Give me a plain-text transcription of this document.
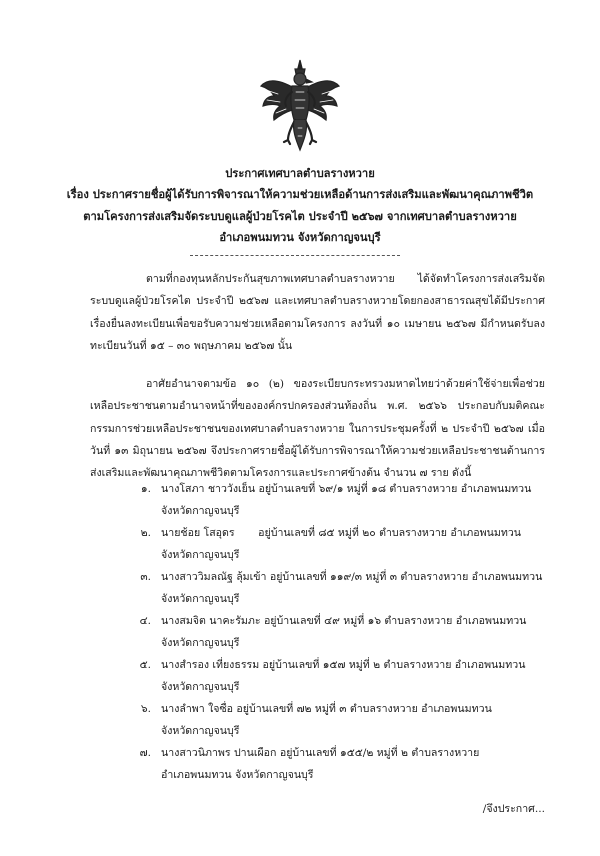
ประกาศเทศบาลตำบลรางหวาย
เรื่อง ประกาศรายชื่อผู้ได้รับการพิจารณาให้ความช่วยเหลือด้านการส่งเสริมและพัฒนาคุณภาพชีวิต
ตามโครงการส่งเสริมจัดระบบดูแลผู้ป่วยโรคไต ประจำปี ๒๕๖๗ จากเทศบาลตำบลรางหวาย
อำเภอพนมทวน จังหวัดกาญจนบุรี
ตามที่กองทุนหลักประกันสุขภาพเทศบาลตำบลรางหวาย ได้จัดทำโครงการส่งเสริมจัดระบบดูแลผู้ป่วยโรคไต ประจำปี ๒๕๖๗ และเทศบาลตำบลรางหวายโดยกองสาธารณสุขได้มีประกาศเรื่องยื่นลงทะเบียนเพื่อขอรับความช่วยเหลือตามโครงการ ลงวันที่ ๑๐ เมษายน ๒๕๖๗ มีกำหนดรับลงทะเบียนวันที่ ๑๕ – ๓๐ พฤษภาคม ๒๕๖๗ นั้น
อาศัยอำนาจตามข้อ ๑๐ (๒) ของระเบียบกระทรวงมหาดไทยว่าด้วยค่าใช้จ่ายเพื่อช่วยเหลือประชาชนตามอำนาจหน้าที่ขององค์กรปกครองส่วนท้องถิ่น พ.ศ. ๒๕๖๖ ประกอบกับมติคณะกรรมการช่วยเหลือประชาชนของเทศบาลตำบลรางหวาย ในการประชุมครั้งที่ ๒ ประจำปี ๒๕๖๗ เมื่อวันที่ ๑๓ มิถุนายน ๒๕๖๗ จึงประกาศรายชื่อผู้ได้รับการพิจารณาให้ความช่วยเหลือประชาชนด้านการส่งเสริมและพัฒนาคุณภาพชีวิตตามโครงการและประกาศข้างต้น จำนวน ๗ ราย ดังนี้
๑. นางโสภา ชาววังเย็น อยู่บ้านเลขที่ ๖๙/๑ หมู่ที่ ๑๘ ตำบลรางหวาย อำเภอพนมทวน
จังหวัดกาญจนบุรี
๒. นายช้อย โสอุดร       อยู่บ้านเลขที่ ๘๕ หมู่ที่ ๒๐ ตำบลรางหวาย อำเภอพนมทวน
จังหวัดกาญจนบุรี
๓. นางสาววิมลณัฐ ลุ้มเข้า อยู่บ้านเลขที่ ๑๑๙/๓ หมู่ที่ ๓ ตำบลรางหวาย อำเภอพนมทวน
จังหวัดกาญจนบุรี
๔. นางสมจิต นาคะรัมภะ อยู่บ้านเลขที่ ๔๙ หมู่ที่ ๑๖ ตำบลรางหวาย อำเภอพนมทวน
จังหวัดกาญจนบุรี
๕. นางสำรอง เที่ยงธรรม อยู่บ้านเลขที่ ๑๕๗ หมู่ที่ ๒ ตำบลรางหวาย อำเภอพนมทวน
จังหวัดกาญจนบุรี
๖. นางลำพา ใจซื่อ อยู่บ้านเลขที่ ๗๒ หมู่ที่ ๓ ตำบลรางหวาย อำเภอพนมทวน
จังหวัดกาญจนบุรี
๗. นางสาวนิภาพร ปานเผือก อยู่บ้านเลขที่ ๑๕๕/๒ หมู่ที่ ๒ ตำบลรางหวาย
อำเภอพนมทวน จังหวัดกาญจนบุรี
/จึงประกาศ...
